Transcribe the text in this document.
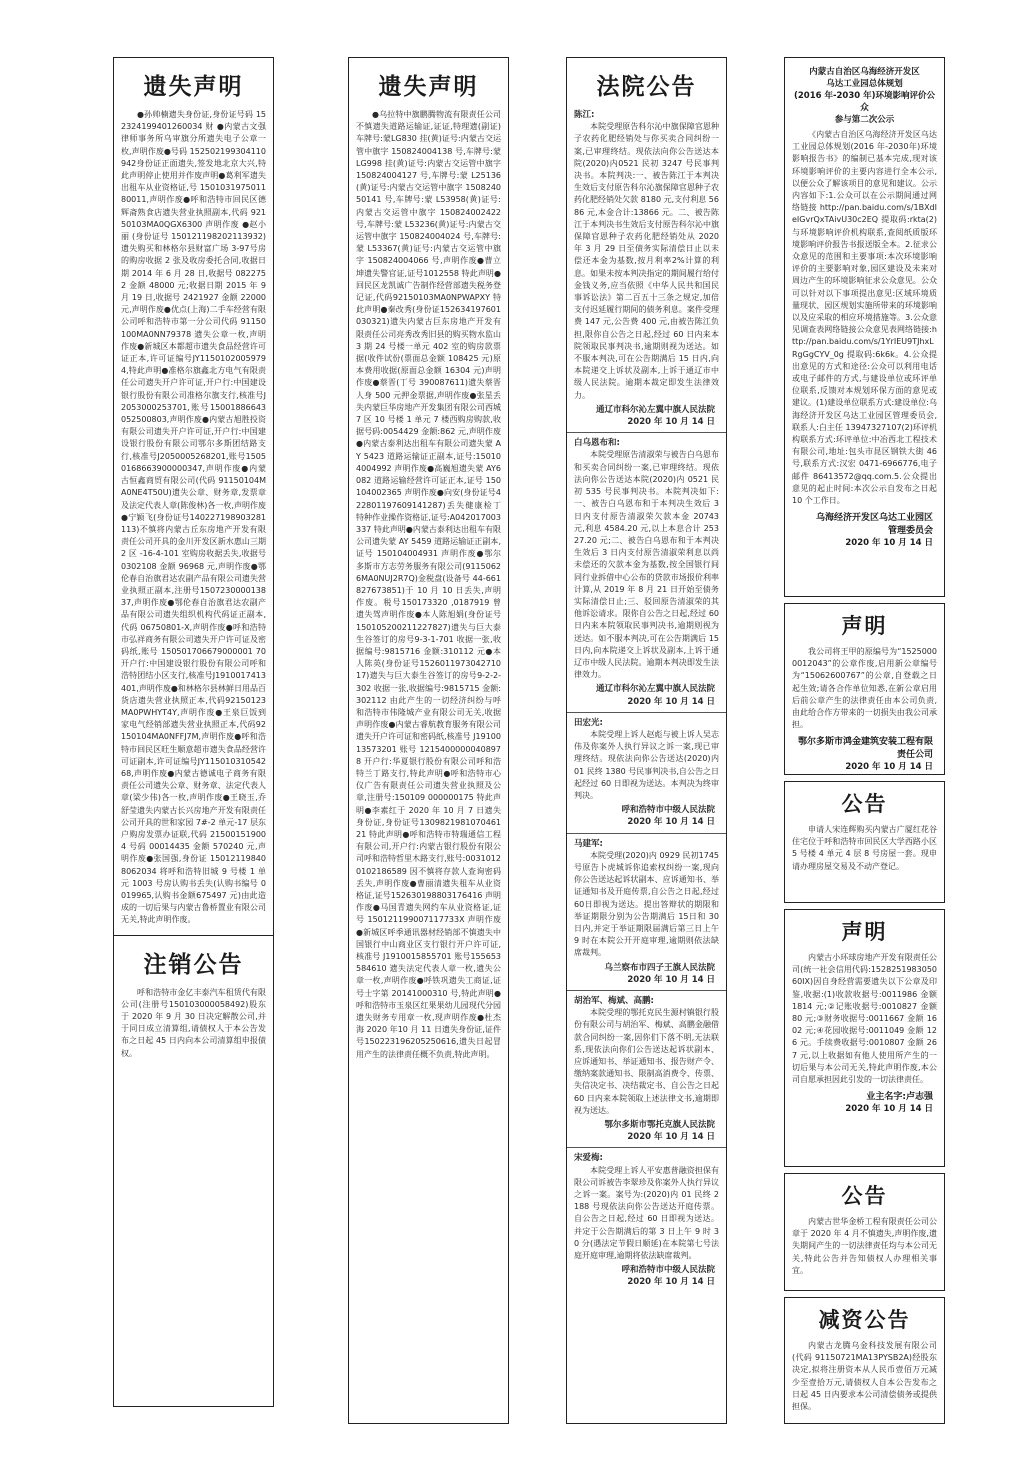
遗失声明

●孙帅楠遗失身份证,身份证号码 152324199401260034 财 ●内蒙古文强律师事务所乌审旗分所遗失电子公章一枚,声明作废●号码 152502199304110942身份证正面遗失,签发地北京大兴,特此声明停止使用并作废声明●葛利军遗失出租车从业资格证,号 150103197501180011,声明作废●呼和浩特市回民区德辉斋熟食店遗失营业执照副本,代码 92150103MA0QGX6300 声明作废 ●赵小丽 (身份证号 150121198202113932) 遗失购买和林格尔县财富广场 3-97号房的购房收据 2 张及收房委托合同,收据日期 2014 年 6 月 28 日,收据号 0822752 金额 48000 元;收据日期 2015 年 9 月 19 日,收据号 2421927 金额 22000 元,声明作废●优点(上海)二手车经营有限公司呼和浩特市第一分公司代码 91150100MA0NN79378 遗失公章一枚,声明作废●新城区本都超市遗失食品经营许可证正本,许可证编号JY11501020059794,特此声明●准格尔旗鑫北方电气有限责任公司遗失开户许可证,开户行:中国建设银行股份有限公司准格尔旗支行,核准号J2053000253701,账号15001886643052500803,声明作废●内蒙古旭胜投资有限公司遗失开户许可证,开户行:中国建设银行股份有限公司鄂尔多斯团结路支行,核准号J2050005268201,账号15050168663900000347,声明作废●内蒙古恒鑫商贸有限公司(代码 91150104MA0NE4T50U)遗失公章、财务章,发票章及法定代表人章(陈俊林)各一枚,声明作废●宁颖飞(身份证号140227198903281113)不慎将内蒙古丘东房地产开发有限责任公司开具的金川开发区新水惠山三期 2 区 -16-4-101 室购房收据丢失,收据号 0302108 金额 96968 元,声明作废●鄂伦春自治旗君达农副产品有限公司遗失营业执照正副本,注册号150723000013837,声明作废●鄂伦春自治旗君达农副产品有限公司遗失组织机构代码证正副本,代码 06750801-X,声明作废●呼和浩特市弘祥商务有限公司遗失开户许可证及密码纸,账号 150501706679000001 70 开户行:中国建设银行股份有限公司呼和浩特团结小区支行,核准号J1910017413401,声明作废●和林格尔县林鲜日用品百货店遗失营业执照正本,代码92150123MA0PWHYT4Y,声明作废●王泉巨饭到家电气经销部遗失营业执照正本,代码92150104MA0NFFJ7M,声明作废●呼和浩特市回民区旺生顺意超市遗失食品经营许可证副本,许可证编号JY11501031054268,声明作废●内蒙古德诚电子商务有限责任公司遗失公章、财务章、法定代表人章(梁少伟)各一枚,声明作废●王晓玉,乔舒莹遗失内蒙古长兴房地产开发有限责任公司开具的世和家园 7#-2 单元-17 层东户购房发票办证联,代码 215001519004 号码 00014435 金额 570240 元,声明作废●张国强,身份证 150121198408062034 将呼和浩特旧城 9 号楼 1 单元 1003 号房认购书丢失(认购书编号 0019965,认购书金额675497 元)由此造成的一切后果与内蒙古鲁桥置业有限公司无关,特此声明作废。

注销公告

呼和浩特市金亿丰泰汽车租赁代有限公司(注册号150103000058492)股东于 2020 年 9 月 30 日决定解散公司,并于同日成立清算组,请债权人于本公告发布之日起 45 日内向本公司清算组申报债权。

遗失声明

●乌拉特中旗鹏腾物流有限责任公司不慎遗失道路运输证,证证,特理遗(副证)车牌号:蒙LG830 挂(黄)证号:内蒙古交运管中旗字 150824004138 号,车牌号:蒙 LG998 挂(黄)证号:内蒙古交运管中旗字 150824004127 号,车牌号:蒙 L25136(黄)证号:内蒙古交运管中旗字 150824050141 号,车牌号:蒙 L53958(黄)证号:内蒙古交运管中旗字 150824002422 号,车牌号:蒙 L53236(黄)证号:内蒙古交运管中旗字 150824004024 号,车牌号:蒙 L53367(黄)证号:内蒙古交运管中旗字 150824004066 号,声明作废●曹立坤遗失警官证,证号1012558 特此声明●回民区龙凯诚广告制作经营部遗失税务登记证,代码92150103MA0NPWAPXY 特此声明●秦改秀(身份证152634197601030321)遗失内蒙古巨东房地产开发有限责任公司亮秀改秀旧县的购买物水监山 3 期 24 号楼一单元 402 室的购房款票据(收件试份(票面总金额 108425 元)原本费用收据(原面总金额 16304 元)声明作废●蔡晋(丁号 390087611)遗失蔡晋人身 500 元押金票据,声明作废●张星丢失内蒙巨华房地产开发集团有限公司西城 7 区 10 号楼 1 单元 7 楼西购房购款,收据号码:0054429 金额:862 元,声明作废●内蒙古泰利达出租车有限公司遗失蒙 AY 5423 道路运输证正副本,证号:150104004992 声明作废●高巍旭遗失蒙 AY6082 道路运输经营许可证正本,证号 150104002365 声明作废●向安(身份证号422801197609141287)丢失健康检丁特种作业操作资格证,证号:A042017003337 特此声明●内蒙古泰利达出租车有限公司遗失蒙 AY 5459 道路运输证正副本,证号 150104004931 声明作废●鄂尔多斯市方志劳务服务有限公司(91150626MA0NUJ2R7Q)金税盘(设备号 44-661827673851)于 10 月 10 日丢失,声明作废。税号150173320 ,0187919 曾遗失驾声明作废●本人陈旭娟(身份证号 150105200211227827)遗失与巨大泰生谷签订的房号9-3-1-701 收据一张,收据编号:9815716 金额:310112 元●本人陈英(身份证号152601197304271017)遗失与巨大泰生谷签订的房号9-2-2-302 收据一张,收据编号:9815715 金额:302112 由此产生的一切经济纠纷与呼和浩特市伟隆城产业有限公司无关,收据声明作废●内蒙古睿航教育服务有限公司遗失开户许可证和密码纸,核准号 J1910013573201 账号 12154000000408978 开户行:华夏银行股份有限公司呼和浩特兰丁路支行,特此声明●呼和浩特市心仪广告有限责任公司遗失营业执照及公章,注册号:150109 000000175 特此声明●李素红于 2020 年 10 月 7 日遗失身份证,身份证号130982198107046121 特此声明●呼和浩特市特瑞通信工程有限公司,开户行:内蒙古银行股份有限公司呼和浩特哲里木路支行,账号:00310120102186589 因不慎将存款人查询密码丢失,声明作废●曹丽清遗失租车从业资格证,证号152630198803176416 声明作废●马国青遗失网约车从业资格证,证号 150121199007117733X 声明作废●新城区呼季通讯器材经销部不慎遗失中国银行中山商业区支行银行开户许可证,核准号 J1910015855701 账号155653584610 遗失法定代表人章一枚,遗失公章一枚,声明作废●呼铁巩遗失工商证,证号士字第 20141000310 号,特此声明●呼和浩特市玉泉区红果果幼儿园现代分园遗失财务专用章一枚,现声明作废●杜杰海 2020 年10 月 11 日遗失身份证,证件号150223196205250616,遗失日起冒用产生的法律责任概不负责,特此声明。

法院公告
陈江:

本院受理原告科尔沁中旗保障官恩种子农药化肥经销处与你买卖合同纠纷一案,已审理终结。现依法向你公告送达本院(2020)内0521 民初 3247 号民事判决书。本院判决:一、被告陈江于本判决生效后支付原告科尔沁旗保障官恩种子农药化肥经销处欠款 8180 元,支付利息 5686 元,本金合计:13866 元。二、被告陈江于本判决书生效后支付原告科尔沁中旗保障官恩种子农药化肥经销处从 2020 年 3 月 29 日至债务实际清偿日止以未偿还本金为基数,按月利率2%计算的利息。如果未按本判决指定的期间履行给付金钱义务,应当依照《中华人民共和国民事诉讼法》第二百五十三条之规定,加倍支付迟延履行期间的债务利息。案件受理费 147 元,公告费 400 元,由被告陈江负担,限你自公告之日起,经过 60 日内来本院领取民事判决书,逾期则视为送达。如不服本判决,可在公告期满后 15 日内,向本院递交上诉状及副本,上诉于通辽市中级人民法院。逾期本裁定即发生法律效力。

通辽市科尔沁左翼中旗人民法院
2020 年 10 月 14 日
白乌恩布和:

本院受理原告清淑荣与被告白乌恩布和买卖合同纠纷一案,已审理终结。现依法向你公告送达本院(2020)内 0521 民初 535 号民事判决书。本院判决如下:一、被告白乌恩布和于本判决生效后 3 日内支付原告清淑荣欠款本金 20743 元,利息 4584.20 元,以上本息合计 25327.20 元;二、被告白乌恩布和于本判决生效后 3 日内支付原告清淑荣利息以尚未偿还的欠款本金为基数,按全国银行间同行业拆借中心公布的贷款市场报价利率计算,从 2019 年 8 月 21 日开始至债务实际清偿日止;三、驳回原告清淑荣的其他诉讼请求。限你自公告之日起,经过 60 日内来本院领取民事判决书,逾期则视为送达。如不服本判决,可在公告期满后 15 日内,向本院递交上诉状及副本,上诉于通辽市中级人民法院。逾期本判决即发生法律效力。

通辽市科尔沁左翼中旗人民法院
2020 年 10 月 14 日
田宏光:

本院受理上诉人赵彪与被上诉人吴志伟及你案外人执行异议之诉一案,现已审理终结。现依法向你公告送达(2020)内 01 民终 1380 号民事判决书,自公告之日起经过 60 日即视为送达。本判决为终审判决。

呼和浩特市中级人民法院
2020 年 10 月 14 日
马建军:

本院受理(2020)内 0929 民初1745 号原告卜虎城诉你追索权纠纷一案,现向你公告送达起诉状副本、应诉通知书、举证通知书及开庭传票,自公告之日起,经过 60日即视为送达。提出答辩状的期限和举证期限分别为公告期满后 15日和 30 日内,并定于举证期限届满后第三日上午 9 时在本院公开开庭审理,逾期则依法缺席裁判。

乌兰察布市四子王旗人民法院
2020 年 10 月 14 日
胡治军、梅斌、高鹏:

本院受理的鄂托克民生源村镇银行股份有限公司与胡治军、梅斌、高鹏金融借款合同纠纷一案,因你们下落不明,无法联系,现依法向你们公告送达起诉状副本、应诉通知书、举证通知书、报告财产令、缴纳案款通知书、限制高消费令、传票、失信决定书、决结裁定书、自公告之日起 60 日内来本院领取上述法律文书,逾期即视为送达。

鄂尔多斯市鄂托克旗人民法院
2020 年 10 月 14 日
宋爱梅:

本院受理上诉人平安惠普融资担保有限公司诉被告李翠珍及你案外人执行异议之诉一案。案号为:(2020)内 01 民终 2188 号现依法向你公告送达开庭传票。自公告之日起,经过 60 日即视为送达。并定于公告期满后的第 3 日上午 9 时 30 分(遇法定节假日顺延)在本院第七号法庭开庭审理,逾期将依法缺席裁判。

呼和浩特市中级人民法院
2020 年 10 月 14 日
内蒙古自治区乌海经济开发区
乌达工业园总体规划
(2016 年-2030 年)环境影响评价公众
参与第二次公示

《内蒙古自治区乌海经济开发区乌达工业园总体规划(2016 年-2030年)环境影响报告书》的编制已基本完成,现对该环境影响评价的主要内容进行全本公示,以便公众了解该项目的意见和建议。公示内容如下:1.公众可以在公示期间通过网络链接 http://pan.baidu.com/s/1BXdIeIGvrQxTAivU30c2EQ 提取码:rkta(2)与环境影响评价机构联系,查阅纸质版环境影响评价报告书报送版全本。2.征求公众意见的范围和主要事项:本次环境影响评价的主要影响对象,园区建设及未来对周边产生的环境影响征求公众意见。公众可以针对以下事项提出意见:区域环境质量现状、园区规划实施所带来的环境影响以及应采取的相应环境措施等。3.公众意见调查表网络链接公众意见表网络链接:http://pan.baidu.com/s/1YrIEU9TJhxLRgGgCYV_0g 提取码:6k6k。4.公众提出意见的方式和途径:公众可以利用电话或电子邮件的方式,与建设单位或环评单位联系,反馈对本规划环保方面的意见或建议。(1)建设单位联系方式:建设单位:乌海经济开发区乌达工业园区管理委员会,联系人:白主任 13947327107(2)环评机构联系方式:环评单位:中冶西北工程技术有限公司,地址:包头市昆区钢铁大街 46 号,联系方式:汉宏 0471-6966776,电子邮件 86413572@qq.com.5.公众提出意见的起止时间:本次公示自发布之日起 10 个工作日。

乌海经济开发区乌达工业园区
管理委员会
2020 年 10 月 14 日
声明

我公司将王甲的原编号为“15250000012043”的公章作废,启用新公章编号为“15062600767”的公章,自登载之日起生效;请各合作单位知悉,在新公章启用后前公章产生的法律责任由本公司负责,由此给合作方带来的一切损失由我公司承担。

鄂尔多斯市鸿金建筑安装工程有限责任公司
2020 年 10 月 14 日
公告

申请人宋连辉购买内蒙古广厦红花谷住宅位于呼和浩特市回民区大学西路小区 5 号楼 4 单元 4 层 8 号房屋一套。现申请办理房屋交易及不动产登记。

声明

内蒙古小环球房地产开发有限责任公司(统一社会信用代码:152825198305060IX)因自身经营需要遗失以下公章及印鉴,收据:(1)收款收据号:0011986 金额 1814 元;②记账收据号:0010827 金额 80 元;③财务收据号:0011667 金额 1602 元;④花园收据号:0011049 金额 126 元。手续费收据号:0010807 金额 267 元,以上收据如有他人使用所产生的一切后果与本公司无关,特此声明作废,本公司自愿承担因此引发的一切法律责任。

业主名字:卢志强
2020 年 10 月 14 日
公告

内蒙古世华金桥工程有限责任公司公章于 2020 年 4 月不慎遗失,声明作废,遗失期间产生的一切法律责任均与本公司无关,特此公告并告知债权人办理相关事宜。

减资公告

内蒙古龙腾乌金科技发展有限公司(代码 91150721MA13PYSB2A)经股东决定,拟将注册资本从人民币壹佰万元减少至壹拾万元,请债权人自本公告发布之日起 45 日内要求本公司清偿债务或提供担保。
